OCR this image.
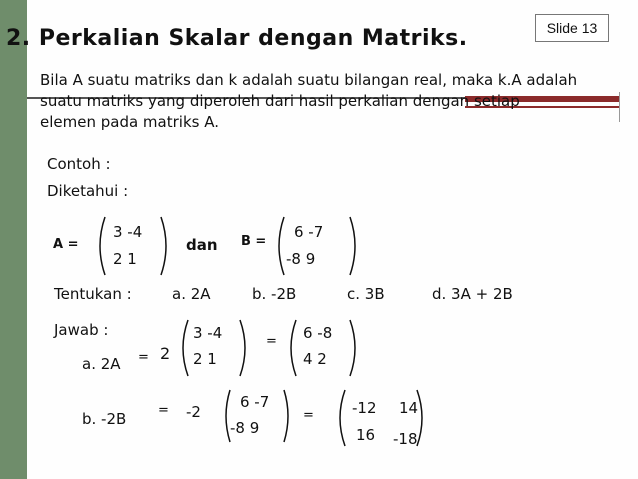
Slide 13
2. Perkalian Skalar dengan Matriks.
Bila A suatu matriks dan k adalah suatu bilangan real, maka k.A adalah suatu matriks yang diperoleh dari hasil perkalian dengan setiap elemen pada matriks A.
Contoh :
Diketahui :
A =
3 -4
2 1
dan B =
6 -7
-8 9
Tentukan :	a. 2A	b. -2B	c. 3B	d. 3A + 2B
Jawab :
a. 2A = 2
3 -4
2 1
= 6 -8
4 2
b. -2B = -2
6 -7
-8 9
=	-12 14
16 -18
